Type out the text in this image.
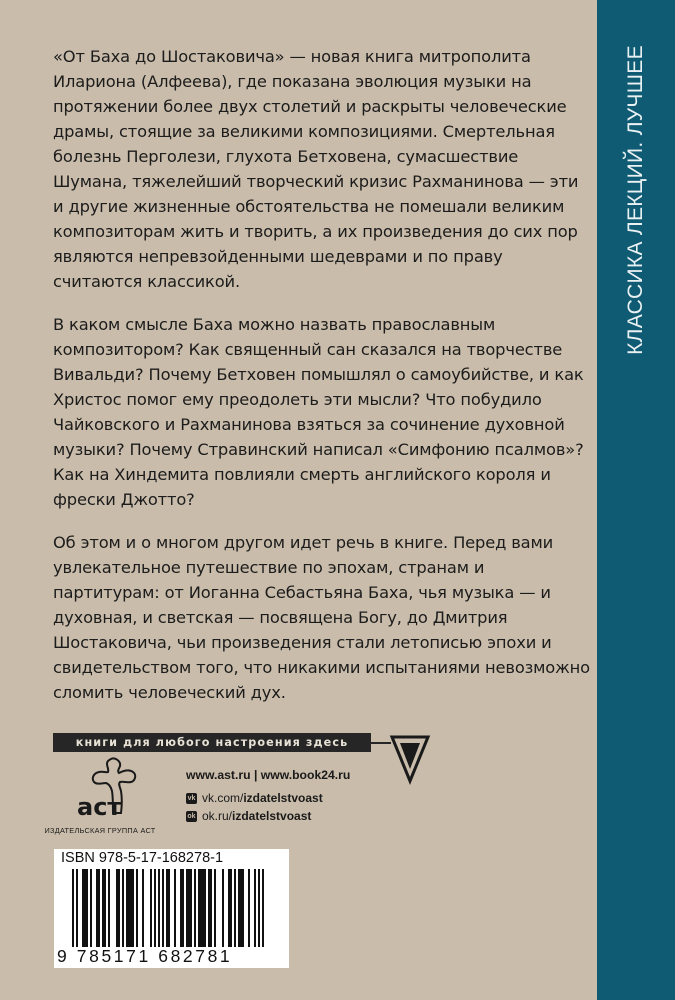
КЛАССИКА ЛЕКЦИЙ. ЛУЧШЕЕ

«От Баха до Шостаковича» — новая книга митрополита Илариона (Алфеева), где показана эволюция музыки на протяжении более двух столетий и раскрыты человеческие драмы, стоящие за великими композициями. Смертельная болезнь Перголези, глухота Бетховена, сумасшествие Шумана, тяжелейший творческий кризис Рахманинова — эти и другие жизненные обстоятельства не помешали великим композиторам жить и творить, а их произведения до сих пор являются непревзойденными шедеврами и по праву считаются классикой.

В каком смысле Баха можно назвать православным композитором? Как священный сан сказался на творчестве Вивальди? Почему Бетховен помышлял о самоубийстве, и как Христос помог ему преодолеть эти мысли? Что побудило Чайковского и Рахманинова взяться за сочинение духовной музыки? Почему Стравинский написал «Симфонию псалмов»? Как на Хиндемита повлияли смерть английского короля и фрески Джотто?

Об этом и о многом другом идет речь в книге. Перед вами увлекательное путешествие по эпохам, странам и партитурам: от Иоганна Себастьяна Баха, чья музыка — и духовная, и светская — посвящена Богу, до Дмитрия Шостаковича, чьи произведения стали летописью эпохи и свидетельством того, что никакими испытаниями невозможно сломить человеческий дух.

книги для любого настроения здесь
аст
ИЗДАТЕЛЬСКАЯ ГРУППА АСТ
www.ast.ru | www.book24.ru
vk vk.com/ izdatelstvoast
ok ok.ru/ izdatelstvoast
ISBN 978-5-17-168278-1
9 785171 682781
